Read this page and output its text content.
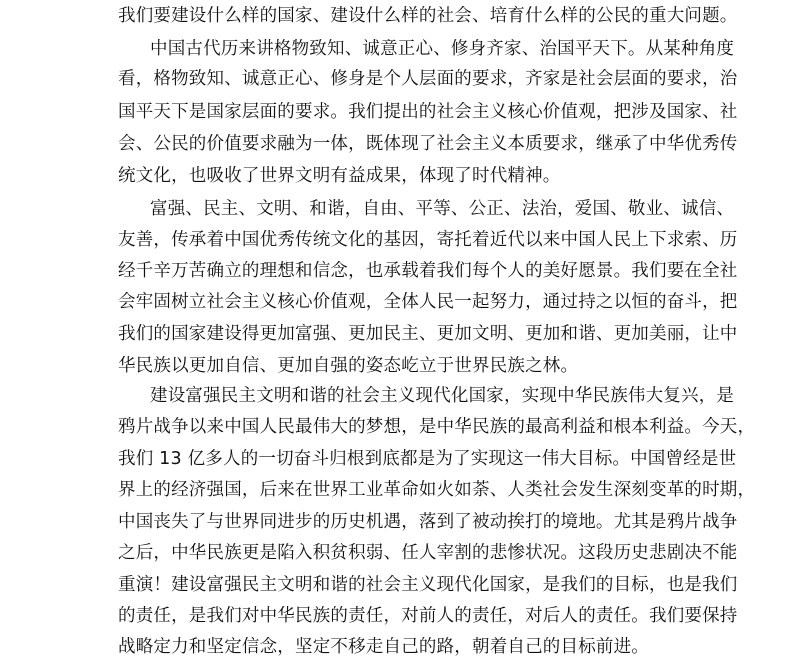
我们要建设什么样的国家、建设什么样的社会、培育什么样的公民的重大问题。
中国古代历来讲格物致知、诚意正心、修身齐家、治国平天下。从某种角度
看，格物致知、诚意正心、修身是个人层面的要求，齐家是社会层面的要求，治
国平天下是国家层面的要求。我们提出的社会主义核心价值观，把涉及国家、社
会、公民的价值要求融为一体，既体现了社会主义本质要求，继承了中华优秀传
统文化，也吸收了世界文明有益成果，体现了时代精神。
富强、民主、文明、和谐，自由、平等、公正、法治，爱国、敬业、诚信、
友善，传承着中国优秀传统文化的基因，寄托着近代以来中国人民上下求索、历
经千辛万苦确立的理想和信念，也承载着我们每个人的美好愿景。我们要在全社
会牢固树立社会主义核心价值观，全体人民一起努力，通过持之以恒的奋斗，把
我们的国家建设得更加富强、更加民主、更加文明、更加和谐、更加美丽，让中
华民族以更加自信、更加自强的姿态屹立于世界民族之林。
建设富强民主文明和谐的社会主义现代化国家，实现中华民族伟大复兴，是
鸦片战争以来中国人民最伟大的梦想，是中华民族的最高利益和根本利益。今天，
我们 13 亿多人的一切奋斗归根到底都是为了实现这一伟大目标。中国曾经是世
界上的经济强国，后来在世界工业革命如火如荼、人类社会发生深刻变革的时期，
中国丧失了与世界同进步的历史机遇，落到了被动挨打的境地。尤其是鸦片战争
之后，中华民族更是陷入积贫积弱、任人宰割的悲惨状况。这段历史悲剧决不能
重演！建设富强民主文明和谐的社会主义现代化国家，是我们的目标，也是我们
的责任，是我们对中华民族的责任，对前人的责任，对后人的责任。我们要保持
战略定力和坚定信念，坚定不移走自己的路，朝着自己的目标前进。
